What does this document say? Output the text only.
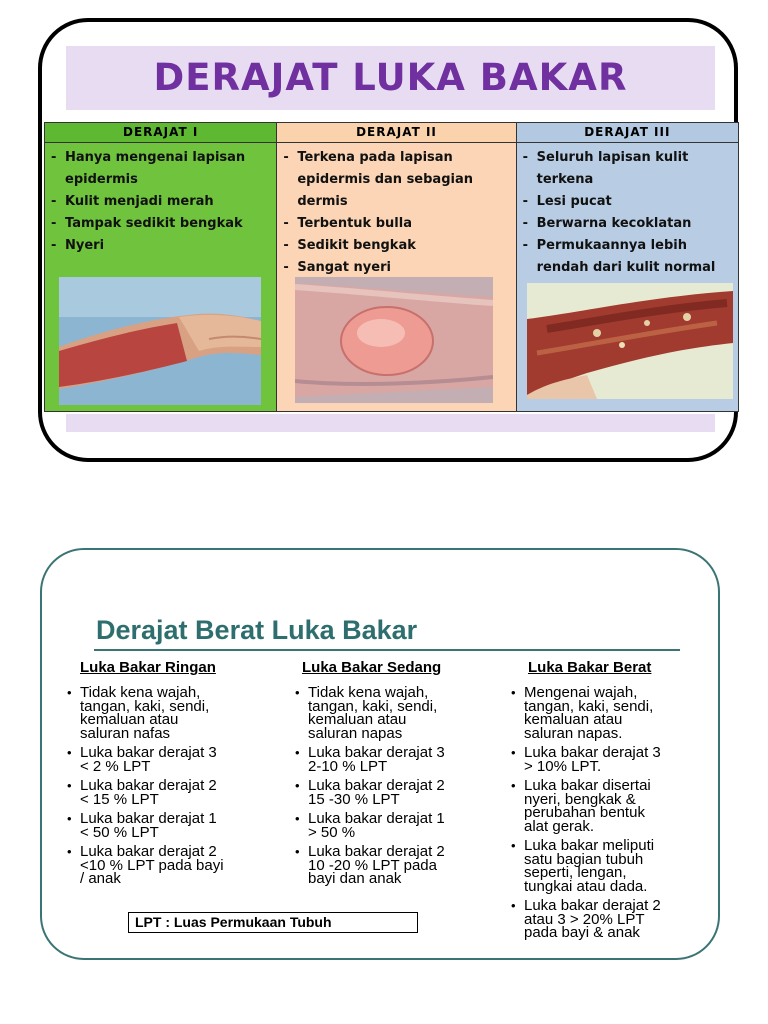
DERAJAT LUKA BAKAR
DERAJAT I
- Hanya mengenai lapisan epidermis
- Kulit menjadi merah
- Tampak sedikit bengkak
- Nyeri
DERAJAT II
- Terkena pada lapisan epidermis dan sebagian dermis
- Terbentuk bulla
- Sedikit bengkak
- Sangat nyeri
DERAJAT III
- Seluruh lapisan kulit terkena
- Lesi pucat
- Berwarna kecoklatan
- Permukaannya lebih rendah dari kulit normal
Derajat Berat Luka Bakar
Luka Bakar Ringan
• Tidak kena wajah,
tangan, kaki, sendi,
kemaluan atau
saluran nafas
• Luka bakar derajat 3
< 2 % LPT
• Luka bakar derajat 2
< 15 % LPT
• Luka bakar derajat 1
< 50 % LPT
• Luka bakar derajat 2
<10 % LPT pada bayi
/ anak
Luka Bakar Sedang
• Tidak kena wajah,
tangan, kaki, sendi,
kemaluan atau
saluran napas
• Luka bakar derajat 3
2-10 % LPT
• Luka bakar derajat 2
15 -30 % LPT
• Luka bakar derajat 1
> 50 %
• Luka bakar derajat 2
10 -20 % LPT pada
bayi dan anak
Luka Bakar Berat
• Mengenai wajah,
tangan, kaki, sendi,
kemaluan atau
saluran napas.
• Luka bakar derajat 3
> 10% LPT.
• Luka bakar disertai
nyeri, bengkak &
perubahan bentuk
alat gerak.
• Luka bakar meliputi
satu bagian tubuh
seperti, lengan,
tungkai atau dada.
• Luka bakar derajat 2
atau 3 > 20% LPT
pada bayi & anak
LPT : Luas Permukaan Tubuh
